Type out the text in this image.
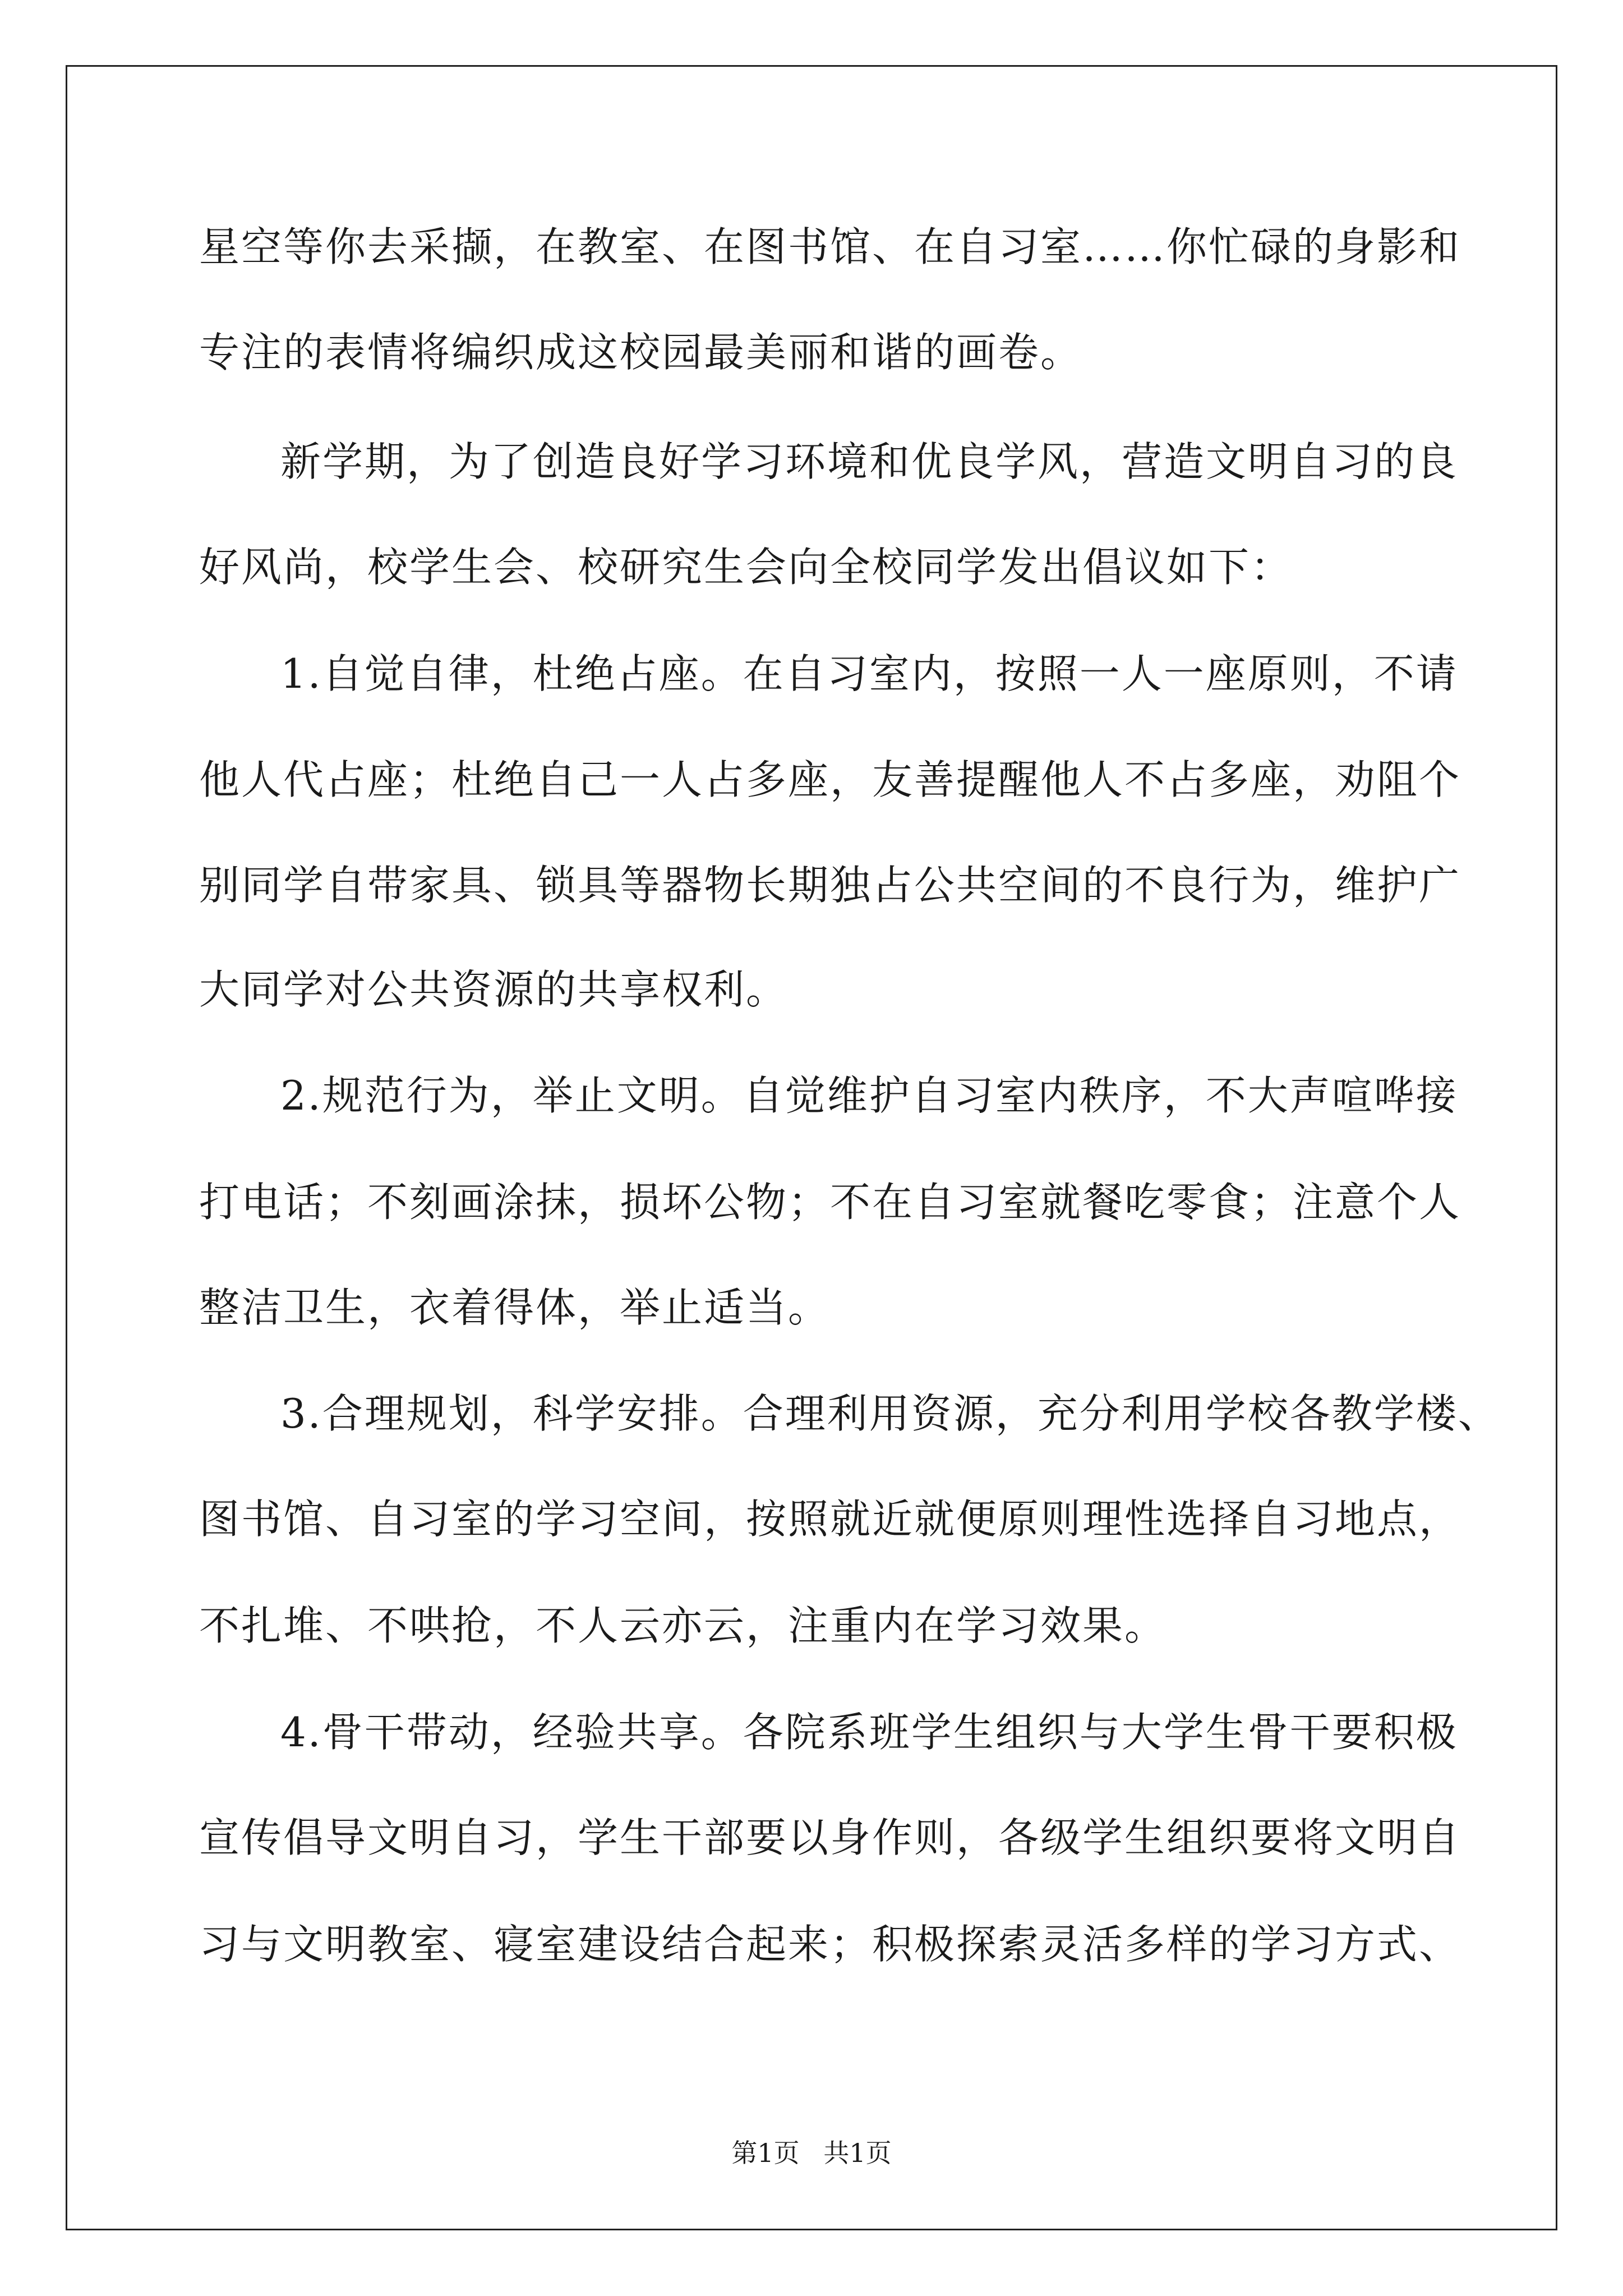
星空等你去采撷，在教室、在图书馆、在自习室……你忙碌的身影和
专注的表情将编织成这校园最美丽和谐的画卷。
新学期，为了创造良好学习环境和优良学风，营造文明自习的良
好风尚，校学生会、校研究生会向全校同学发出倡议如下：
1.自觉自律，杜绝占座。在自习室内，按照一人一座原则，不请
他人代占座；杜绝自己一人占多座，友善提醒他人不占多座，劝阻个
别同学自带家具、锁具等器物长期独占公共空间的不良行为，维护广
大同学对公共资源的共享权利。
2.规范行为，举止文明。自觉维护自习室内秩序，不大声喧哗接
打电话；不刻画涂抹，损坏公物；不在自习室就餐吃零食；注意个人
整洁卫生，衣着得体，举止适当。
3.合理规划，科学安排。合理利用资源，充分利用学校各教学楼、
图书馆、自习室的学习空间，按照就近就便原则理性选择自习地点，
不扎堆、不哄抢，不人云亦云，注重内在学习效果。
4.骨干带动，经验共享。各院系班学生组织与大学生骨干要积极
宣传倡导文明自习，学生干部要以身作则，各级学生组织要将文明自
习与文明教室、寝室建设结合起来；积极探索灵活多样的学习方式、
第1页 共1页
